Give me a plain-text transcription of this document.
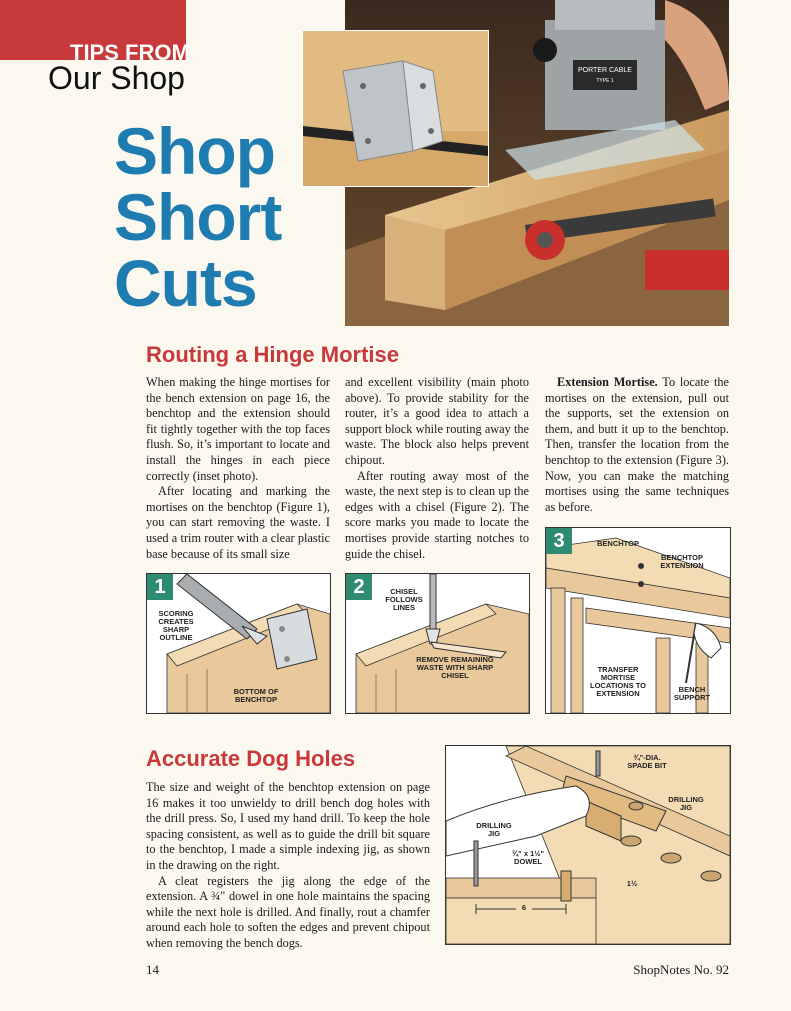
TIPS FROM
Our Shop
Shop
Short
Cuts
PORTER CABLE
TYPE 1
Routing a Hinge Mortise

When making the hinge mortises for the bench extension on page 16, the benchtop and the extension should fit tightly together with the top faces flush. So, it’s important to locate and install the hinges in each piece correctly (inset photo).

After locating and marking the mortises on the benchtop (Figure 1), you can start removing the waste. I used a trim router with a clear plastic base because of its small size

and excellent visibility (main photo above). To provide stability for the router, it’s a good idea to attach a support block while routing away the waste. The block also helps prevent chipout.

After routing away most of the waste, the next step is to clean up the edges with a chisel (Figure 2). The score marks you made to locate the mortises provide starting notches to guide the chisel.

Extension Mortise. To locate the mortises on the extension, pull out the supports, set the extension on them, and butt it up to the benchtop. Then, transfer the location from the benchtop to the extension (Figure 3). Now, you can make the matching mortises using the same techniques as before.

1
SCORING CREATES SHARP OUTLINE
BOTTOM OF BENCHTOP
2	CHISEL FOLLOWS LINES
REMOVE REMAINING WASTE WITH SHARP CHISEL
3	BENCHTOP
BENCHTOP EXTENSION
TRANSFER MORTISE LOCATIONS TO EXTENSION	BENCH SUPPORT
Accurate Dog Holes

The size and weight of the benchtop extension on page 16 makes it too unwieldy to drill bench dog holes with the drill press. So, I used my hand drill. To keep the hole spacing consistent, as well as to guide the drill bit square to the benchtop, I made a simple indexing jig, as shown in the drawing on the right.

A cleat registers the jig along the edge of the extension. A ¾" dowel in one hole maintains the spacing while the next hole is drilled. And finally, rout a chamfer around each hole to soften the edges and prevent chipout when removing the bench dogs.

¾"-DIA. SPADE BIT
DRILLING JIG
DRILLING JIG
¾" x 1½" DOWEL
6
1½
14	ShopNotes No. 92
